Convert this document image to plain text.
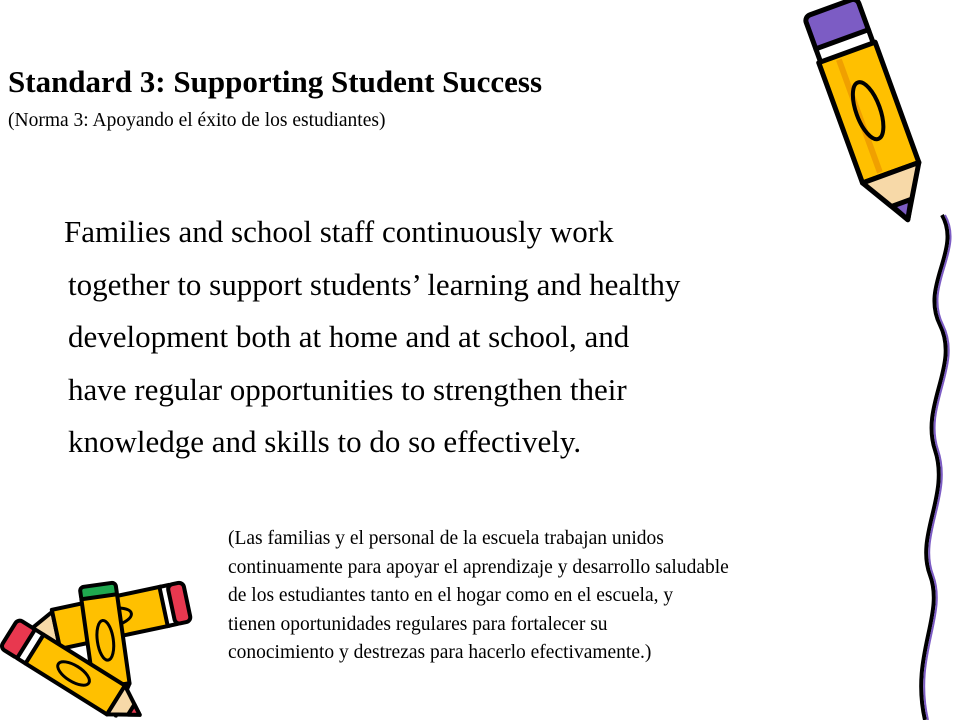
Standard 3: Supporting Student Success
(Norma 3: Apoyando el éxito de los estudiantes)
Families and school staff continuously work
together to support students’ learning and healthy
development both at home and at school, and
have regular opportunities to strengthen their
knowledge and skills to do so effectively.
(Las familias y el personal de la escuela trabajan unidos
continuamente para apoyar el aprendizaje y desarrollo saludable
de los estudiantes tanto en el hogar como en el escuela, y
tienen oportunidades regulares para fortalecer su
conocimiento y destrezas para hacerlo efectivamente.)
